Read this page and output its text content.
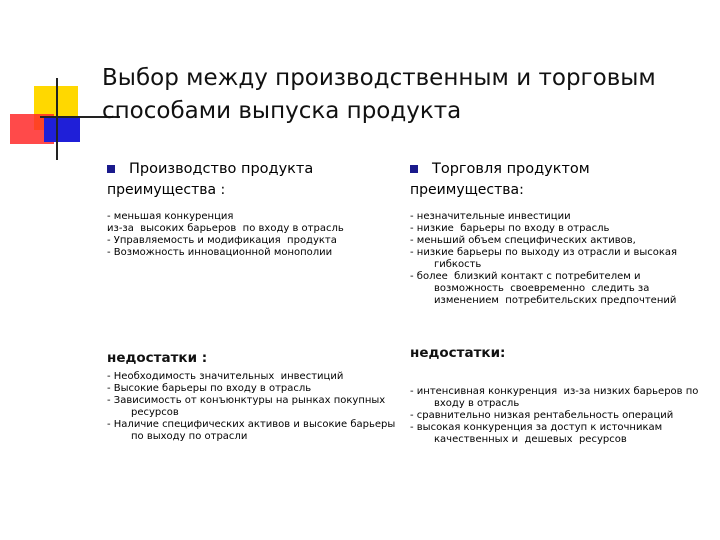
Выбор между производственным и торговым
способами выпуска продукта
Производство продукта
преимущества :
- меньшая конкуренция
из-за  высоких барьеров  по входу в отрасль
- Управляемость и модификация  продукта
- Возможность инновационной монополии
Торговля продуктом
преимущества:
- незначительные инвестиции
- низкие  барьеры по входу в отрасль
- меньший объем специфических активов,
- низкие барьеры по выходу из отрасли и высокая гибкость
- более  близкий контакт с потребителем и возможность  своевременно  следить за изменением  потребительских предпочтений
недостатки :	недостатки:
- Необходимость значительных  инвестиций
- Высокие барьеры по входу в отрасль
- Зависимость от конъюнктуры на рынках покупных ресурсов
- Наличие специфических активов и высокие барьеры по выходу по отрасли
- интенсивная конкуренция  из-за низких барьеров по входу в отрасль
- сравнительно низкая рентабельность операций
- высокая конкуренция за доступ к источникам качественных и  дешевых  ресурсов
